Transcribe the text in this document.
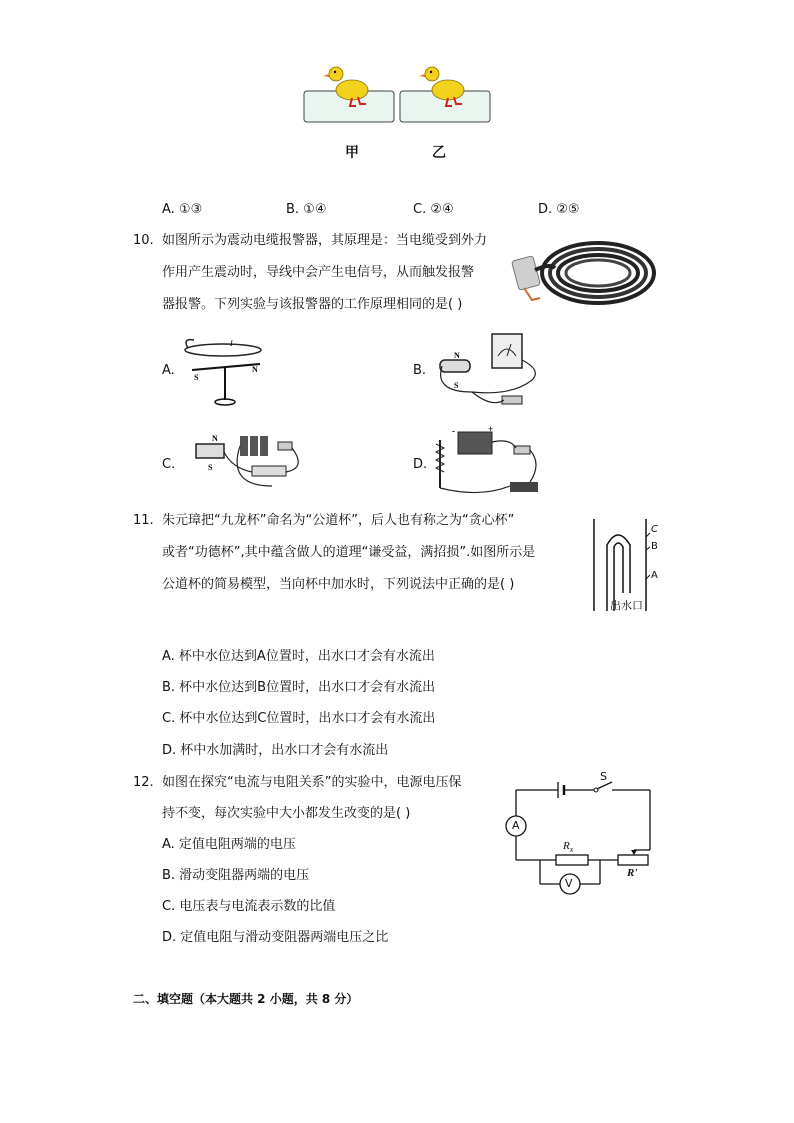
甲	乙
A. ①③	B. ①④	C. ②④	D. ②⑤
10. 如图所示为震动电缆报警器，其原理是：当电缆受到外力
作用产生震动时，导线中会产生电信号，从而触发报警
器报警。下列实验与该报警器的工作原理相同的是( )
A.
I
S
N	B.
N
S
C.
N
S	D.
-	+
11. 朱元璋把“九龙杯”命名为“公道杯”，后人也有称之为“贪心杯”
或者“功德杯”,其中蕴含做人的道理“谦受益，满招损”.如图所示是
公道杯的简易模型，当向杯中加水时，下列说法中正确的是( )
C
B
A
出水口
A. 杯中水位达到A位置时，出水口才会有水流出
B. 杯中水位达到B位置时，出水口才会有水流出
C. 杯中水位达到C位置时，出水口才会有水流出
D. 杯中水加满时，出水口才会有水流出
12. 如图在探究“电流与电阻关系”的实验中，电源电压保
持不变，每次实验中大小都发生改变的是( )
S
A
V
$R_x$
R'
A. 定值电阻两端的电压
B. 滑动变阻器两端的电压
C. 电压表与电流表示数的比值
D. 定值电阻与滑动变阻器两端电压之比
二、填空题（本大题共 2 小题，共 8 分）
